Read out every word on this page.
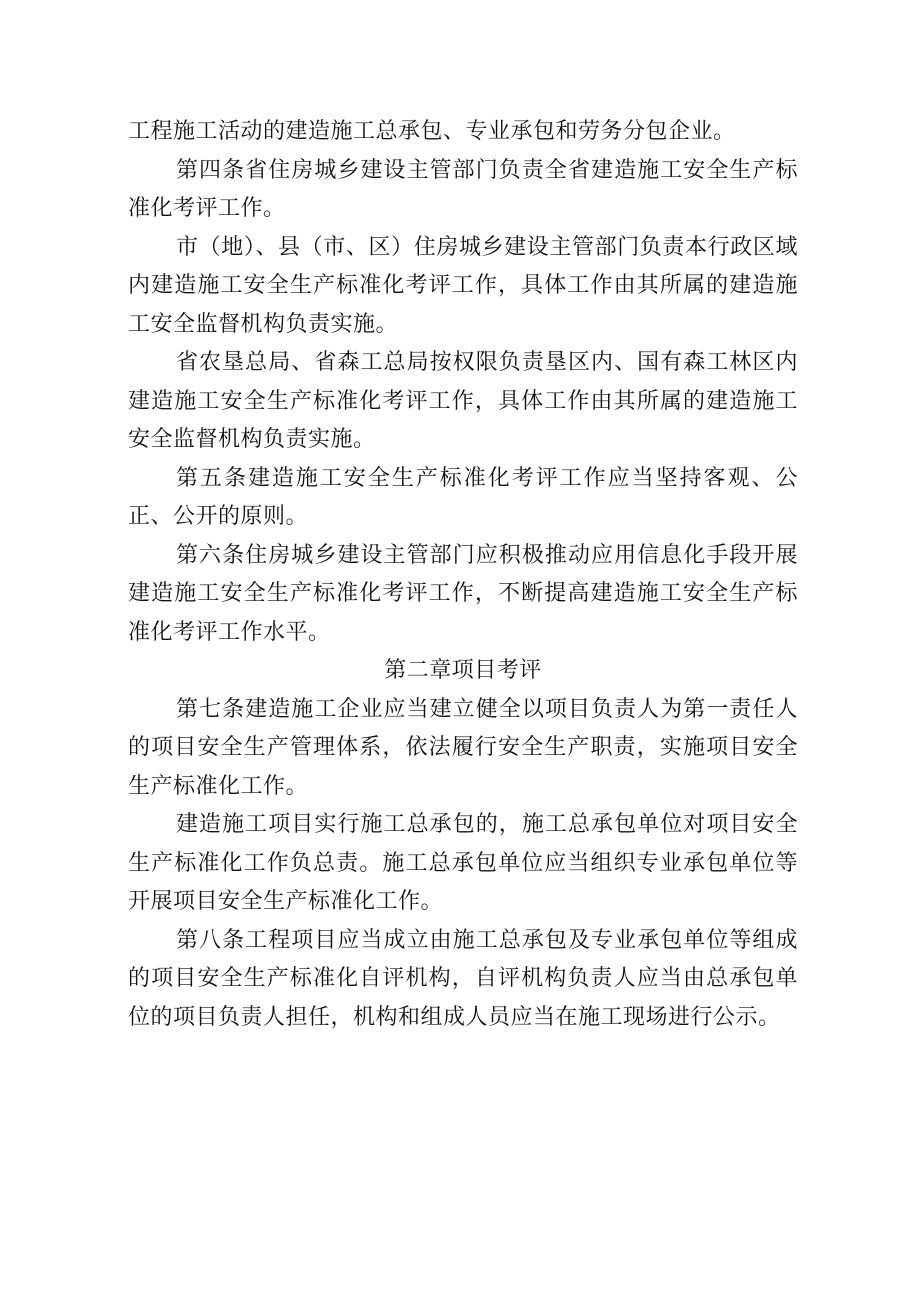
工程施工活动的建造施工总承包、专业承包和劳务分包企业。

第四条省住房城乡建设主管部门负责全省建造施工安全生产标准化考评工作。

市（地）、县（市、区）住房城乡建设主管部门负责本行政区域内建造施工安全生产标准化考评工作，具体工作由其所属的建造施工安全监督机构负责实施。

省农垦总局、省森工总局按权限负责垦区内、国有森工林区内建造施工安全生产标准化考评工作，具体工作由其所属的建造施工安全监督机构负责实施。

第五条建造施工安全生产标准化考评工作应当坚持客观、公正、公开的原则。

第六条住房城乡建设主管部门应积极推动应用信息化手段开展建造施工安全生产标准化考评工作，不断提高建造施工安全生产标准化考评工作水平。

第二章项目考评

第七条建造施工企业应当建立健全以项目负责人为第一责任人的项目安全生产管理体系，依法履行安全生产职责，实施项目安全生产标准化工作。

建造施工项目实行施工总承包的，施工总承包单位对项目安全生产标准化工作负总责。施工总承包单位应当组织专业承包单位等开展项目安全生产标准化工作。

第八条工程项目应当成立由施工总承包及专业承包单位等组成的项目安全生产标准化自评机构，自评机构负责人应当由总承包单位的项目负责人担任，机构和组成人员应当在施工现场进行公示。
